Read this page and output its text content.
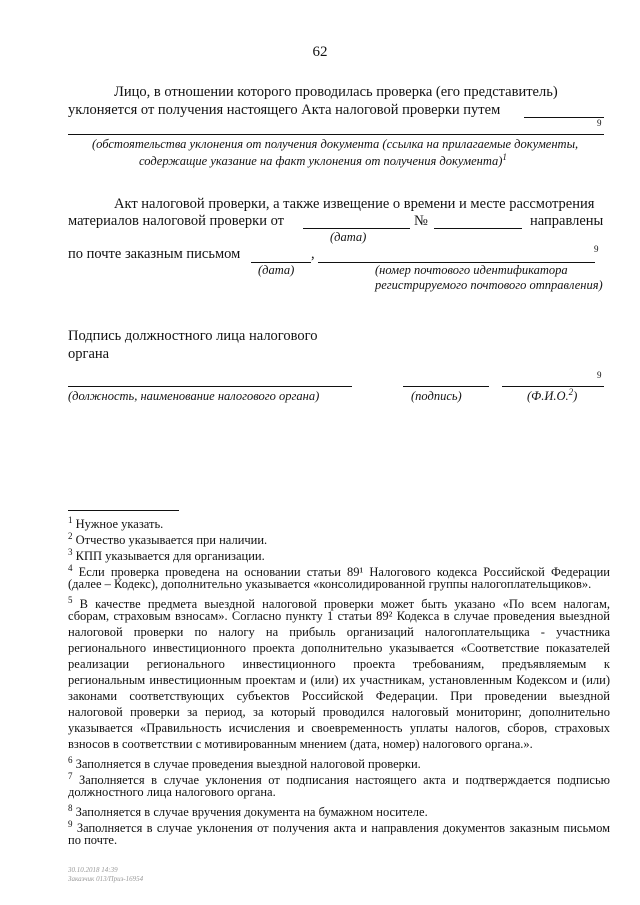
62
Лицо, в отношении которого проводилась проверка (его представитель)
уклоняется от получения настоящего Акта налоговой проверки путем
9
(обстоятельства уклонения от получения документа (ссылка на прилагаемые документы,
содержащие указание на факт уклонения от получения документа)$^1$
Акт налоговой проверки, а также извещение о времени и месте рассмотрения
материалов налоговой проверки от	№	направлены
(дата)
по почте заказным письмом	,	9
(дата)	(номер почтового идентификатора
регистрируемого почтового отправления)
Подпись должностного лица налогового
органа
9
(должность, наименование налогового органа)	(подпись)	(Ф.И.О.$^2$)
$^1$ Нужное указать.
$^2$ Отчество указывается при наличии.
$^3$ КПП указывается для организации.
$^4$ Если проверка проведена на основании статьи 89¹ Налогового кодекса Российской Федерации
(далее – Кодекс), дополнительно указывается «консолидированной группы налогоплательщиков».
$^5$ В качестве предмета выездной налоговой проверки может быть указано «По всем налогам,
сборам, страховым взносам». Согласно пункту 1 статьи 89² Кодекса в случае проведения выездной
налоговой проверки по налогу на прибыль организаций налогоплательщика - участника
регионального инвестиционного проекта дополнительно указывается «Соответствие показателей
реализации регионального инвестиционного проекта требованиям, предъявляемым к
региональным инвестиционным проектам и (или) их участникам, установленным Кодексом и (или)
законами соответствующих субъектов Российской Федерации. При проведении выездной
налоговой проверки за период, за который проводился налоговый мониторинг, дополнительно
указывается «Правильность исчисления и своевременность уплаты налогов, сборов, страховых
взносов в соответствии с мотивированным мнением (дата, номер) налогового органа.».
$^6$ Заполняется в случае проведения выездной налоговой проверки.
$^7$ Заполняется в случае уклонения от подписания настоящего акта и подтверждается подписью
должностного лица налогового органа.
$^8$ Заполняется в случае вручения документа на бумажном носителе.
$^9$ Заполняется в случае уклонения от получения акта и направления документов заказным письмом
по почте.
30.10.2018 14:39
Заказчик 013/Приз-16954
